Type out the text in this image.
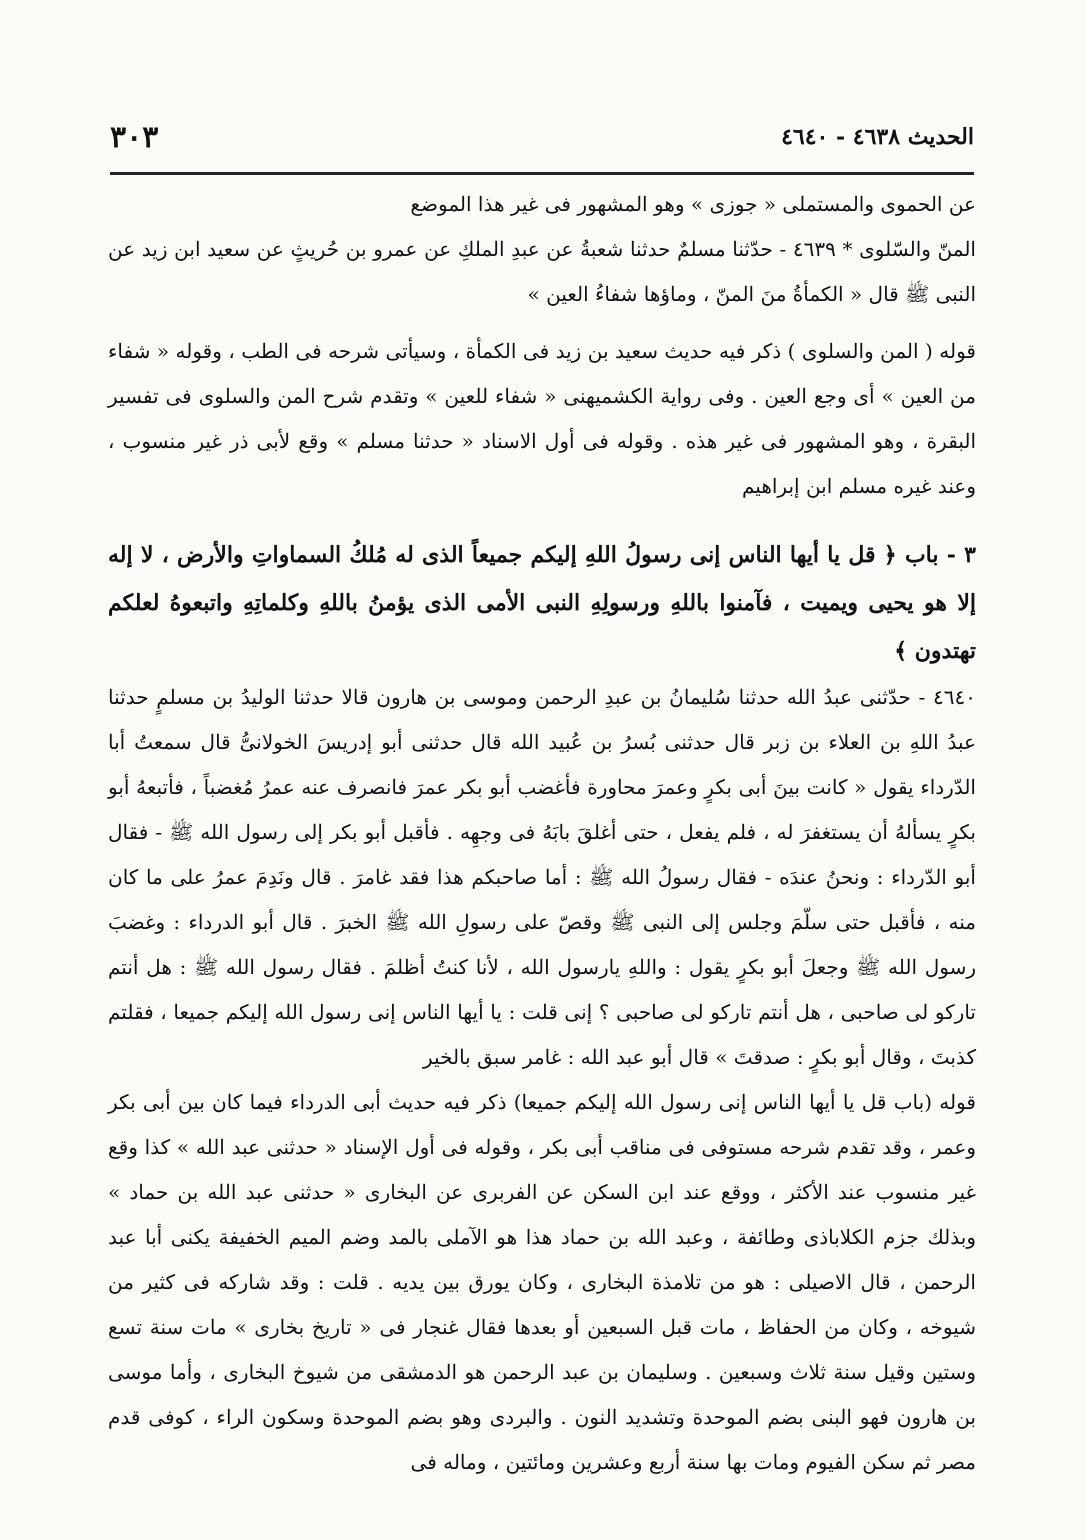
الحديث ٤٦٣٨ - ٤٦٤٠
٣٠٣

عن الحموى والمستملى « جوزى » وهو المشهور فى غير هذا الموضع

المنّ والسّلوى * ٤٦٣٩ - حدّثنا مسلمٌ حدثنا شعبةُ عن عبدِ الملكِ عن عمرو بن حُريثٍ عن سعيد ابن زيد عن النبى ﷺ قال « الكمأةُ منَ المنّ ، وماؤها شفاءُ العين »

قوله ( المن والسلوى ) ذكر فيه حديث سعيد بن زيد فى الكمأة ، وسيأتى شرحه فى الطب ، وقوله « شفاء من العين » أى وجع العين . وفى رواية الكشميهنى « شفاء للعين » وتقدم شرح المن والسلوى فى تفسير البقرة ، وهو المشهور فى غير هذه . وقوله فى أول الاسناد « حدثنا مسلم » وقع لأبى ذر غير منسوب ، وعند غيره مسلم ابن إبراهيم

٣ - باب ﴿ قل يا أيها الناس إنى رسولُ اللهِ إليكم جميعاً الذى له مُلكُ السماواتِ والأرض ، لا إله إلا هو يحيى ويميت ، فآمنوا باللهِ ورسولِهِ النبى الأمى الذى يؤمنُ باللهِ وكلماتِهِ واتبعوهُ لعلكم تهتدون ﴾

٤٦٤٠ - حدّثنى عبدُ الله حدثنا سُليمانُ بن عبدِ الرحمن وموسى بن هارون قالا حدثنا الوليدُ بن مسلمٍ حدثنا عبدُ اللهِ بن العلاء بن زبر قال حدثنى بُسرُ بن عُبيد الله قال حدثنى أبو إدريسَ الخولانىُّ قال سمعتُ أبا الدّرداء يقول « كانت بينَ أبى بكرٍ وعمرَ محاورة فأغضب أبو بكر عمرَ فانصرف عنه عمرُ مُغضباً ، فأتبعهُ أبو بكرٍ يسألهُ أن يستغفرَ له ، فلم يفعل ، حتى أغلقَ بابَهُ فى وجهِه . فأقبل أبو بكر إلى رسول الله ﷺ - فقال أبو الدّرداء : ونحنُ عندَه - فقال رسولُ الله ﷺ : أما صاحبكم هذا فقد غامرَ . قال ونَدِمَ عمرُ على ما كان منه ، فأقبل حتى سلّمَ وجلس إلى النبى ﷺ وقصّ على رسولِ الله ﷺ الخبرَ . قال أبو الدرداء : وغضبَ رسول الله ﷺ وجعلَ أبو بكرٍ يقول : واللهِ يارسول الله ، لأنا كنتُ أظلمَ . فقال رسول الله ﷺ : هل أنتم تاركو لى صاحبى ، هل أنتم تاركو لى صاحبى ؟ إنى قلت : يا أيها الناس إنى رسول الله إليكم جميعا ، فقلتم كذبتَ ، وقال أبو بكرٍ : صدقتَ » قال أبو عبد الله : غامر سبق بالخير

قوله (باب قل يا أيها الناس إنى رسول الله إليكم جميعا) ذكر فيه حديث أبى الدرداء فيما كان بين أبى بكر وعمر ، وقد تقدم شرحه مستوفى فى مناقب أبى بكر ، وقوله فى أول الإسناد « حدثنى عبد الله » كذا وقع غير منسوب عند الأكثر ، ووقع عند ابن السكن عن الفربرى عن البخارى « حدثنى عبد الله بن حماد » وبذلك جزم الكلاباذى وطائفة ، وعبد الله بن حماد هذا هو الآملى بالمد وضم الميم الخفيفة يكنى أبا عبد الرحمن ، قال الاصيلى : هو من تلامذة البخارى ، وكان يورق بين يديه . قلت : وقد شاركه فى كثير من شيوخه ، وكان من الحفاظ ، مات قبل السبعين أو بعدها فقال غنجار فى « تاريخ بخارى » مات سنة تسع وستين وقيل سنة ثلاث وسبعين . وسليمان بن عبد الرحمن هو الدمشقى من شيوخ البخارى ، وأما موسى بن هارون فهو البنى بضم الموحدة وتشديد النون . والبردى وهو بضم الموحدة وسكون الراء ، كوفى قدم مصر ثم سكن الفيوم ومات بها سنة أربع وعشرين ومائتين ، وماله فى
